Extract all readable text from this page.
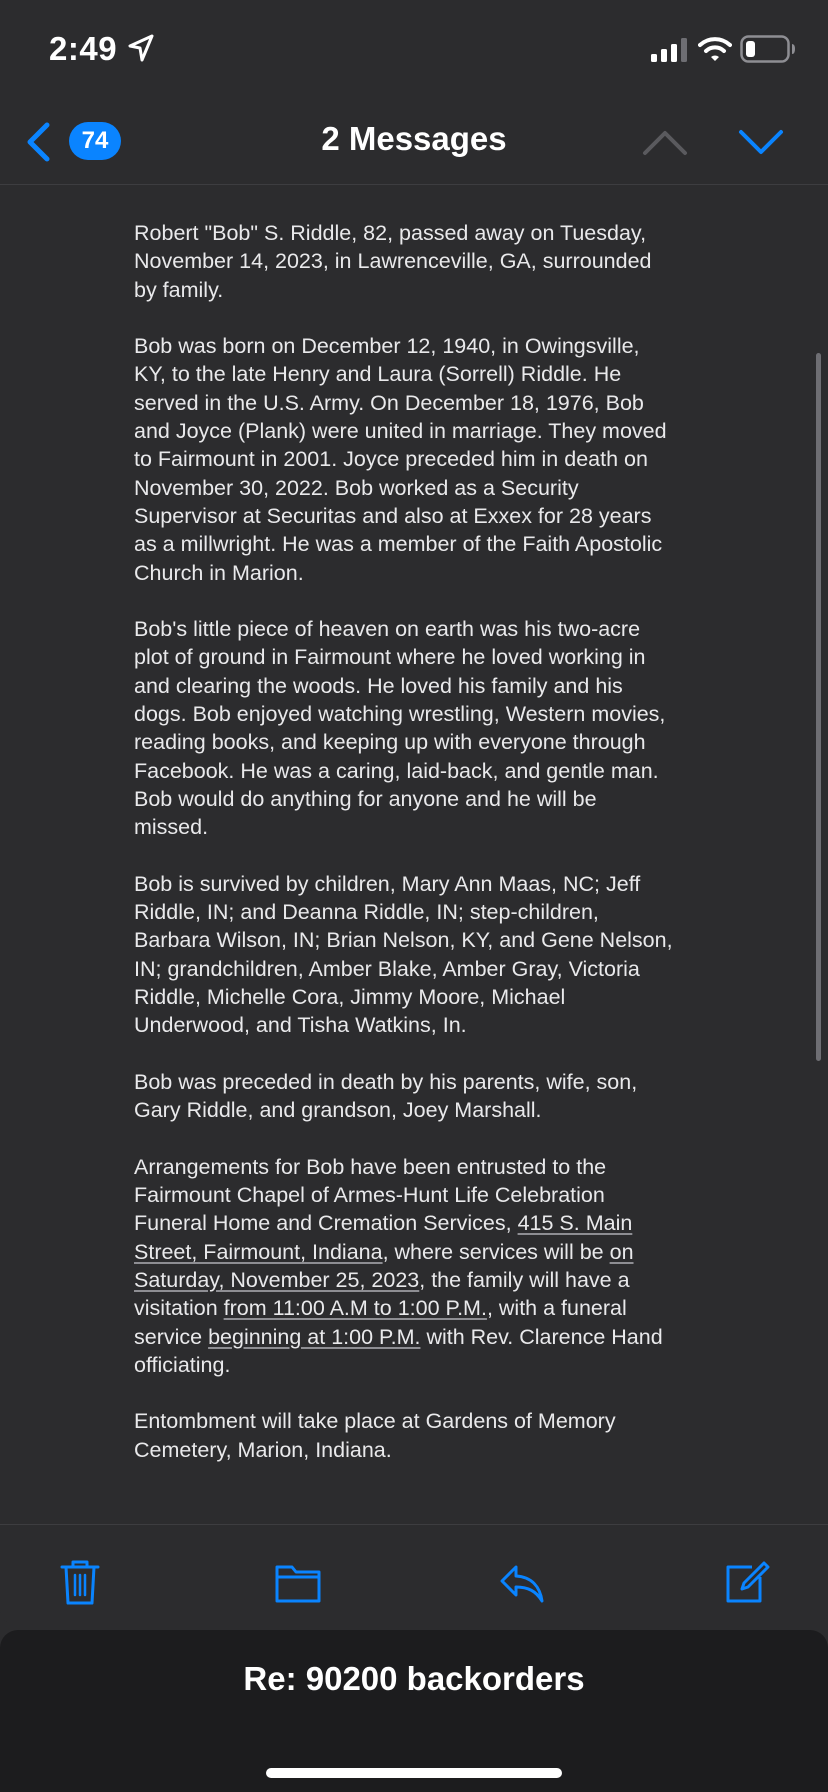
2:49
74	2 Messages

Robert "Bob" S. Riddle, 82, passed away on Tuesday, November 14, 2023, in Lawrenceville, GA, surrounded by family.

Bob was born on December 12, 1940, in Owingsville, KY, to the late Henry and Laura (Sorrell) Riddle. He served in the U.S. Army. On December 18, 1976, Bob and Joyce (Plank) were united in marriage. They moved to Fairmount in 2001. Joyce preceded him in death on November 30, 2022. Bob worked as a Security Supervisor at Securitas and also at Exxex for 28 years as a millwright. He was a member of the Faith Apostolic Church in Marion.

Bob's little piece of heaven on earth was his two-acre plot of ground in Fairmount where he loved working in and clearing the woods. He loved his family and his dogs. Bob enjoyed watching wrestling, Western movies, reading books, and keeping up with everyone through Facebook. He was a caring, laid-back, and gentle man. Bob would do anything for anyone and he will be missed.

Bob is survived by children, Mary Ann Maas, NC; Jeff Riddle, IN; and Deanna Riddle, IN; step-children, Barbara Wilson, IN; Brian Nelson, KY, and Gene Nelson, IN; grandchildren, Amber Blake, Amber Gray, Victoria Riddle, Michelle Cora, Jimmy Moore, Michael Underwood, and Tisha Watkins, In.

Bob was preceded in death by his parents, wife, son, Gary Riddle, and grandson, Joey Marshall.

Arrangements for Bob have been entrusted to the Fairmount Chapel of Armes-Hunt Life Celebration Funeral Home and Cremation Services, 415 S. Main Street, Fairmount, Indiana, where services will be on Saturday, November 25, 2023, the family will have a visitation from 11:00 A.M to 1:00 P.M., with a funeral service beginning at 1:00 P.M. with Rev. Clarence Hand officiating.

Entombment will take place at Gardens of Memory Cemetery, Marion, Indiana.

Re: 90200 backorders
